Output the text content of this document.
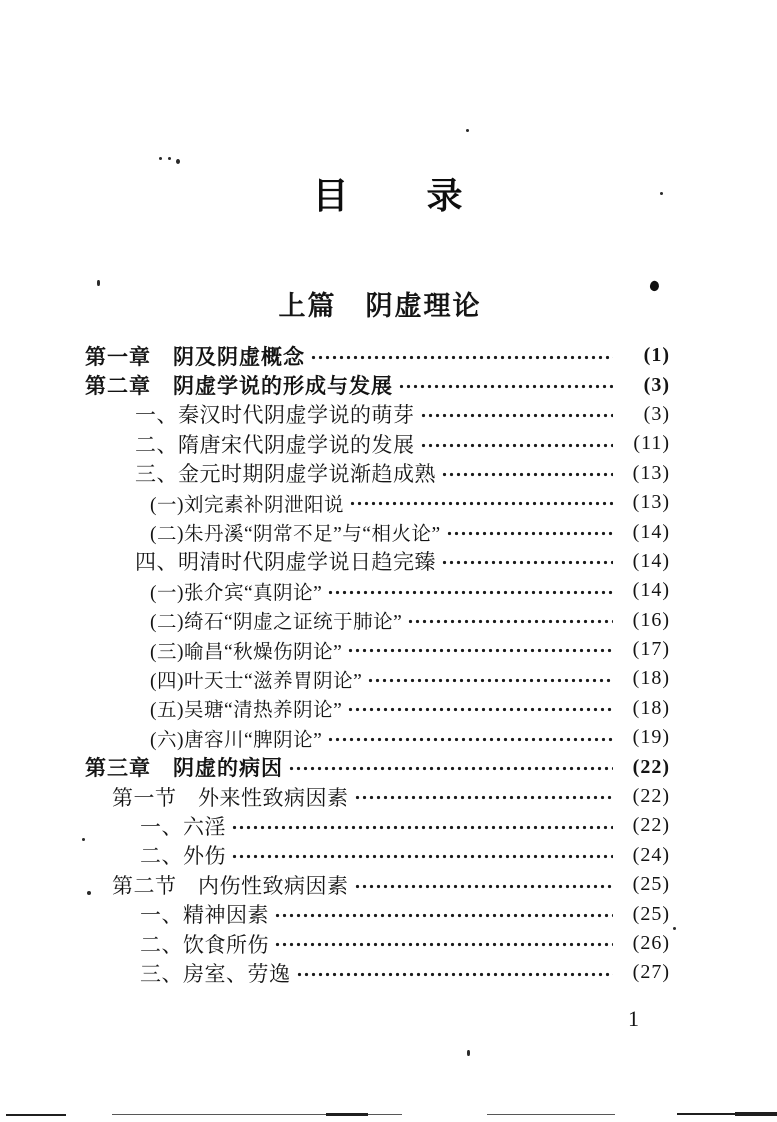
目　　录
上篇　阴虚理论
第一章　阴及阴虚概念	(1)
第二章　阴虚学说的形成与发展	(3)
一、秦汉时代阴虚学说的萌芽	(3)
二、隋唐宋代阴虚学说的发展	(11)
三、金元时期阴虚学说渐趋成熟	(13)
(一)刘完素补阴泄阳说	(13)
(二)朱丹溪“阴常不足”与“相火论”	(14)
四、明清时代阴虚学说日趋完臻	(14)
(一)张介宾“真阴论”	(14)
(二)绮石“阴虚之证统于肺论”	(16)
(三)喻昌“秋燥伤阴论”	(17)
(四)叶天士“滋养胃阴论”	(18)
(五)吴瑭“清热养阴论”	(18)
(六)唐容川“脾阴论”	(19)
第三章　阴虚的病因	(22)
第一节　外来性致病因素	(22)
一、六淫	(22)
二、外伤	(24)
第二节　内伤性致病因素	(25)
一、精神因素	(25)
二、饮食所伤	(26)
三、房室、劳逸	(27)
1
